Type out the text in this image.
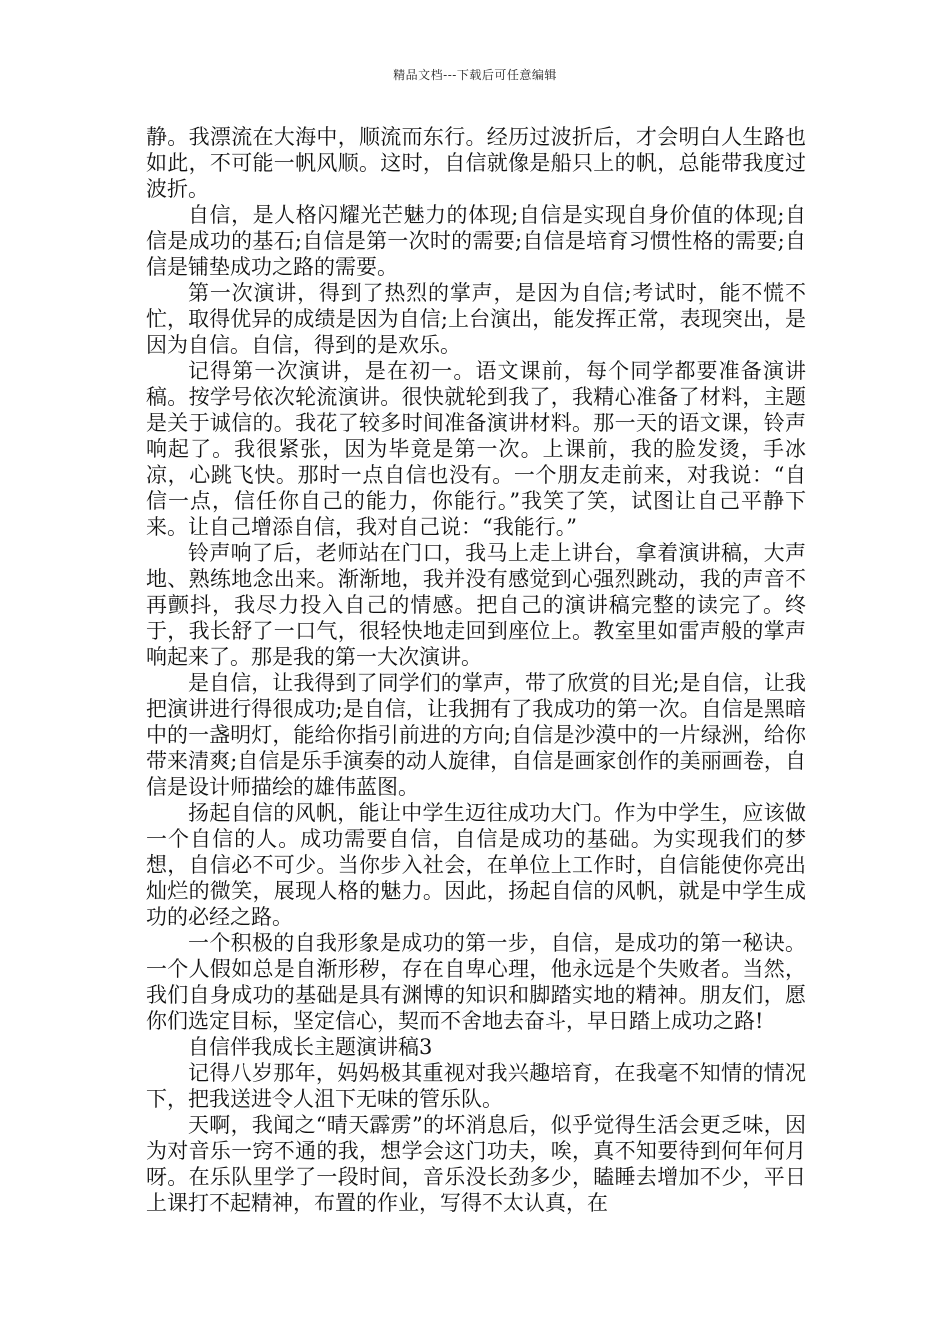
精品文档---下载后可任意编辑

静。我漂流在大海中，顺流而东行。经历过波折后，才会明白人生路也如此，不可能一帆风顺。这时，自信就像是船只上的帆，总能带我度过波折。

自信，是人格闪耀光芒魅力的体现;自信是实现自身价值的体现;自信是成功的基石;自信是第一次时的需要;自信是培育习惯性格的需要;自信是铺垫成功之路的需要。

第一次演讲，得到了热烈的掌声，是因为自信;考试时，能不慌不忙，取得优异的成绩是因为自信;上台演出，能发挥正常，表现突出，是因为自信。自信，得到的是欢乐。

记得第一次演讲，是在初一。语文课前，每个同学都要准备演讲稿。按学号依次轮流演讲。很快就轮到我了，我精心准备了材料，主题是关于诚信的。我花了较多时间准备演讲材料。那一天的语文课，铃声响起了。我很紧张，因为毕竟是第一次。上课前，我的脸发烫，手冰凉，心跳飞快。那时一点自信也没有。一个朋友走前来，对我说：“自信一点，信任你自己的能力，你能行。”我笑了笑，试图让自己平静下来。让自己增添自信，我对自己说：“我能行。”

铃声响了后，老师站在门口，我马上走上讲台，拿着演讲稿，大声地、熟练地念出来。渐渐地，我并没有感觉到心强烈跳动，我的声音不再颤抖，我尽力投入自己的情感。把自己的演讲稿完整的读完了。终于，我长舒了一口气，很轻快地走回到座位上。教室里如雷声般的掌声响起来了。那是我的第一大次演讲。

是自信，让我得到了同学们的掌声，带了欣赏的目光;是自信，让我把演讲进行得很成功;是自信，让我拥有了我成功的第一次。自信是黑暗中的一盏明灯，能给你指引前进的方向;自信是沙漠中的一片绿洲，给你带来清爽;自信是乐手演奏的动人旋律，自信是画家创作的美丽画卷，自信是设计师描绘的雄伟蓝图。

扬起自信的风帆，能让中学生迈往成功大门。作为中学生，应该做一个自信的人。成功需要自信，自信是成功的基础。为实现我们的梦想，自信必不可少。当你步入社会，在单位上工作时，自信能使你亮出灿烂的微笑，展现人格的魅力。因此，扬起自信的风帆，就是中学生成功的必经之路。

一个积极的自我形象是成功的第一步，自信，是成功的第一秘诀。一个人假如总是自渐形秽，存在自卑心理，他永远是个失败者。当然，我们自身成功的基础是具有渊博的知识和脚踏实地的精神。朋友们，愿你们选定目标，坚定信心，契而不舍地去奋斗，早日踏上成功之路!

自信伴我成长主题演讲稿3

记得八岁那年，妈妈极其重视对我兴趣培育，在我毫不知情的情况下，把我送进令人沮下无味的管乐队。

天啊，我闻之“晴天霹雳”的坏消息后，似乎觉得生活会更乏味，因为对音乐一窍不通的我，想学会这门功夫，唉，真不知要待到何年何月呀。在乐队里学了一段时间，音乐没长劲多少，瞌睡去增加不少，平日上课打不起精神，布置的作业，写得不太认真，在
